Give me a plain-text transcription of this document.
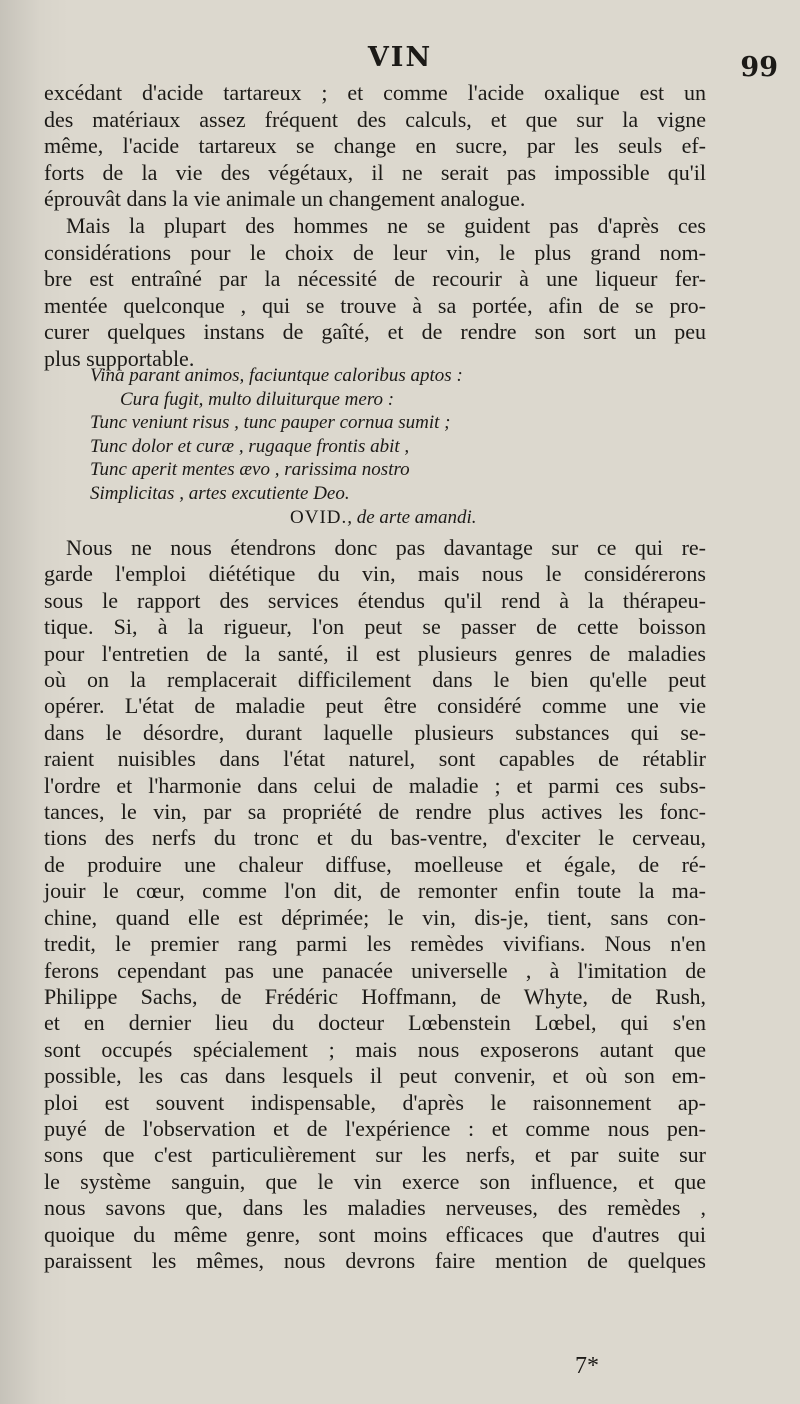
VIN	99
excédant d'acide tartareux ; et comme l'acide oxalique est un
des matériaux assez fréquent des calculs, et que sur la vigne
même, l'acide tartareux se change en sucre, par les seuls ef-
forts de la vie des végétaux, il ne serait pas impossible qu'il
éprouvât dans la vie animale un changement analogue.
Mais la plupart des hommes ne se guident pas d'après ces
considérations pour le choix de leur vin, le plus grand nom-
bre est entraîné par la nécessité de recourir à une liqueur fer-
mentée quelconque , qui se trouve à sa portée, afin de se pro-
curer quelques instans de gaîté, et de rendre son sort un peu
plus supportable.
Vina parant animos, faciuntque caloribus aptos :
Cura fugit, multo diluiturque mero :
Tunc veniunt risus , tunc pauper cornua sumit ;
Tunc dolor et curæ , rugaque frontis abit ,
Tunc aperit mentes ævo , rarissima nostro
Simplicitas , artes excutiente Deo.
OVID., de arte amandi.
Nous ne nous étendrons donc pas davantage sur ce qui re-
garde l'emploi diététique du vin, mais nous le considérerons
sous le rapport des services étendus qu'il rend à la thérapeu-
tique. Si, à la rigueur, l'on peut se passer de cette boisson
pour l'entretien de la santé, il est plusieurs genres de maladies
où on la remplacerait difficilement dans le bien qu'elle peut
opérer. L'état de maladie peut être considéré comme une vie
dans le désordre, durant laquelle plusieurs substances qui se-
raient nuisibles dans l'état naturel, sont capables de rétablir
l'ordre et l'harmonie dans celui de maladie ; et parmi ces subs-
tances, le vin, par sa propriété de rendre plus actives les fonc-
tions des nerfs du tronc et du bas-ventre, d'exciter le cerveau,
de produire une chaleur diffuse, moelleuse et égale, de ré-
jouir le cœur, comme l'on dit, de remonter enfin toute la ma-
chine, quand elle est déprimée; le vin, dis-je, tient, sans con-
tredit, le premier rang parmi les remèdes vivifians. Nous n'en
ferons cependant pas une panacée universelle , à l'imitation de
Philippe Sachs, de Frédéric Hoffmann, de Whyte, de Rush,
et en dernier lieu du docteur Lœbenstein Lœbel, qui s'en
sont occupés spécialement ; mais nous exposerons autant que
possible, les cas dans lesquels il peut convenir, et où son em-
ploi est souvent indispensable, d'après le raisonnement ap-
puyé de l'observation et de l'expérience : et comme nous pen-
sons que c'est particulièrement sur les nerfs, et par suite sur
le système sanguin, que le vin exerce son influence, et que
nous savons que, dans les maladies nerveuses, des remèdes ,
quoique du même genre, sont moins efficaces que d'autres qui
paraissent les mêmes, nous devrons faire mention de quelques
7*
